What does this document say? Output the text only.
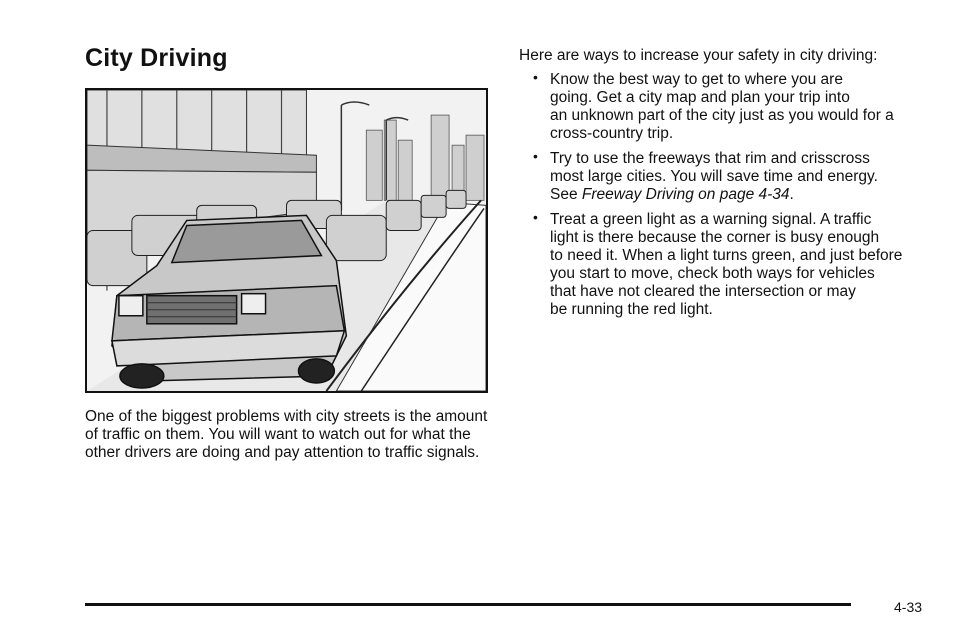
City Driving

One of the biggest problems with city streets is the amount of traffic on them. You will want to watch out for what the other drivers are doing and pay attention to traffic signals.

Here are ways to increase your safety in city driving:

• Know the best way to get to where you are
going. Get a city map and plan your trip into
an unknown part of the city just as you would for a
cross-country trip.
• Try to use the freeways that rim and crisscross
most large cities. You will save time and energy.
See Freeway Driving on page 4-34.
• Treat a green light as a warning signal. A traffic
light is there because the corner is busy enough
to need it. When a light turns green, and just before
you start to move, check both ways for vehicles
that have not cleared the intersection or may
be running the red light.
4-33
